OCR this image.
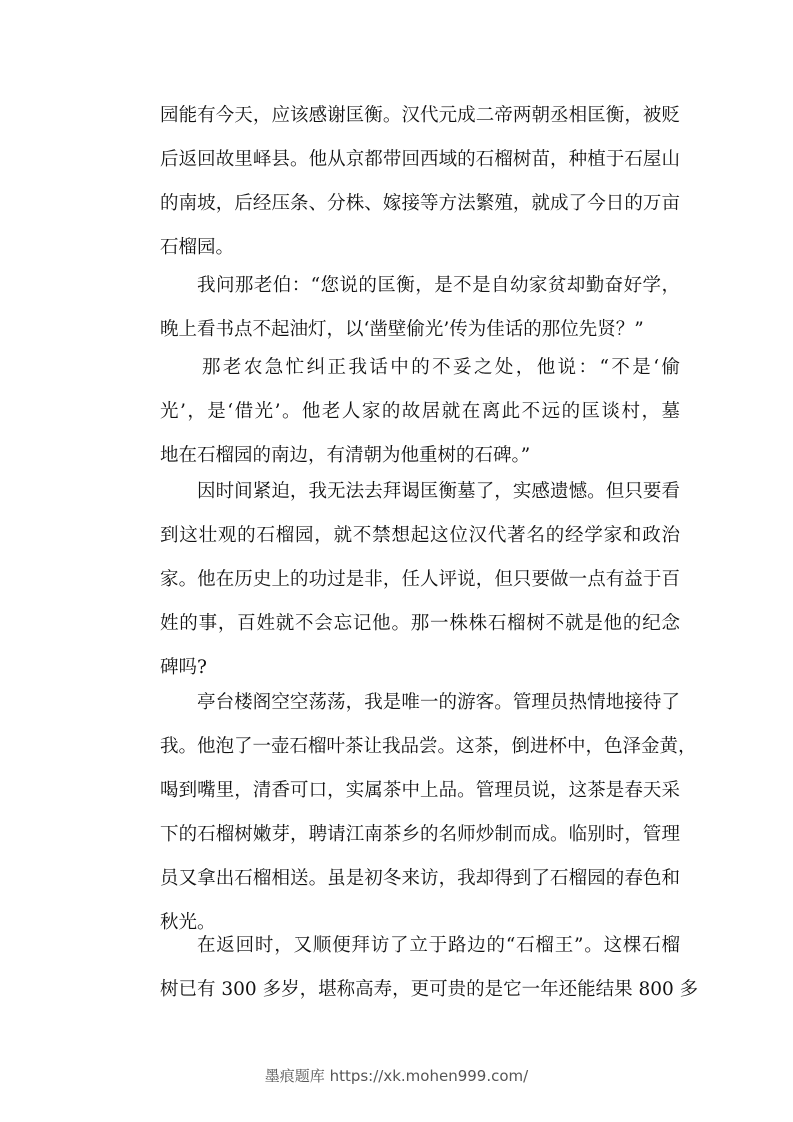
园能有今天，应该感谢匡衡。汉代元成二帝两朝丞相匡衡，被贬
后返回故里峄县。他从京都带回西域的石榴树苗，种植于石屋山
的南坡，后经压条、分株、嫁接等方法繁殖，就成了今日的万亩
石榴园。
我问那老伯：“您说的匡衡，是不是自幼家贫却勤奋好学，
晚上看书点不起油灯，以‘凿壁偷光’传为佳话的那位先贤？”
那老农急忙纠正我话中的不妥之处，他说：“不是‘偷
光’，是‘借光’。他老人家的故居就在离此不远的匡谈村，墓
地在石榴园的南边，有清朝为他重树的石碑。”
因时间紧迫，我无法去拜谒匡衡墓了，实感遗憾。但只要看
到这壮观的石榴园，就不禁想起这位汉代著名的经学家和政治
家。他在历史上的功过是非，任人评说，但只要做一点有益于百
姓的事，百姓就不会忘记他。那一株株石榴树不就是他的纪念
碑吗?
亭台楼阁空空荡荡，我是唯一的游客。管理员热情地接待了
我。他泡了一壶石榴叶茶让我品尝。这茶，倒进杯中，色泽金黄，
喝到嘴里，清香可口，实属茶中上品。管理员说，这茶是春天采
下的石榴树嫩芽，聘请江南茶乡的名师炒制而成。临别时，管理
员又拿出石榴相送。虽是初冬来访，我却得到了石榴园的春色和
秋光。
在返回时，又顺便拜访了立于路边的“石榴王”。这棵石榴
树已有 300 多岁，堪称高寿，更可贵的是它一年还能结果 800 多
墨痕题库 https://xk.mohen999.com/
